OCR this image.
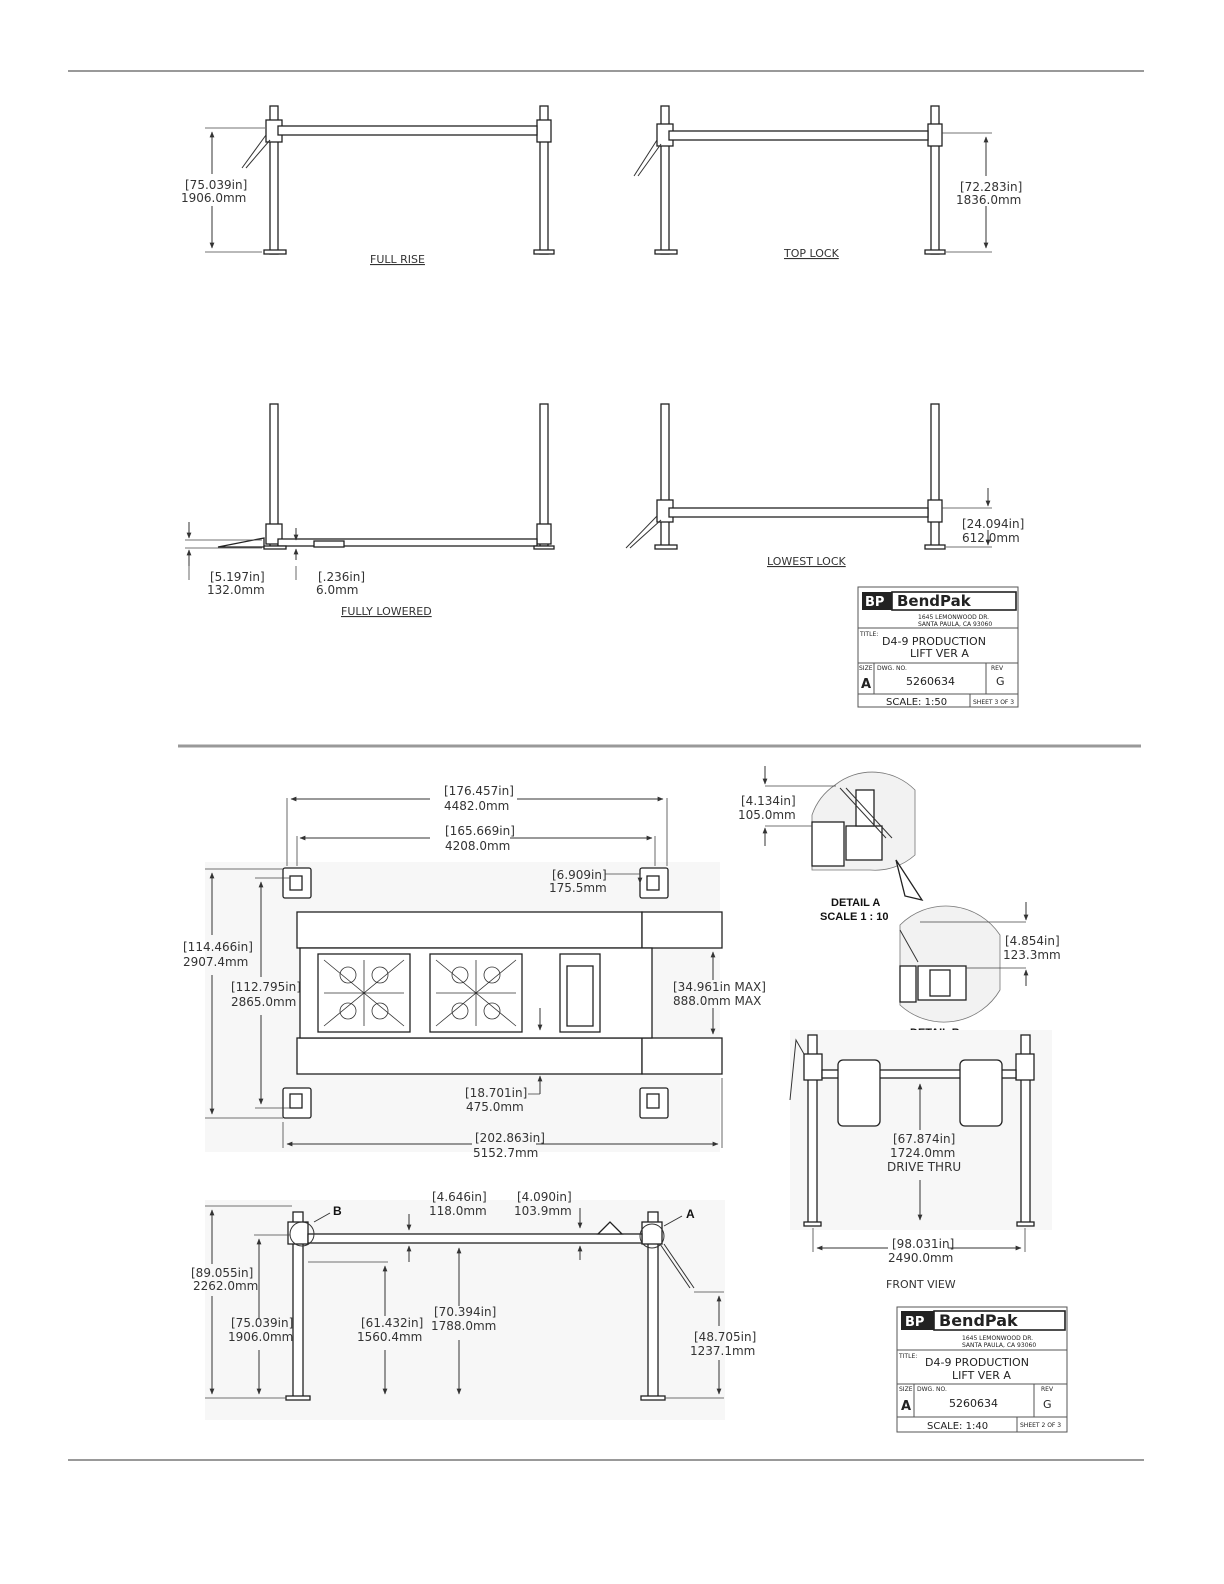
[75.039in]
1906.0mm
FULL RISE
[72.283in]
1836.0mm
TOP LOCK
[5.197in]
132.0mm
[.236in]
6.0mm
FULLY LOWERED
[24.094in]
612.0mm
LOWEST LOCK
BP BendPak
1645 LEMONWOOD DR.
SANTA PAULA, CA 93060
TITLE:
D4-9 PRODUCTION
LIFT VER A
SIZE
A
DWG. NO.
5260634
REV
G
SCALE: 1:50	SHEET 3 OF 3
[176.457in]
4482.0mm
[165.669in]
4208.0mm
[6.909in]
175.5mm
[114.466in]
2907.4mm
[112.795in]
2865.0mm
[34.961in MAX]
888.0mm MAX
[18.701in]
475.0mm
[202.863in]
5152.7mm
[4.134in]
105.0mm
DETAIL A
SCALE 1 : 10
[4.854in]
123.3mm
[67.874in]
1724.0mm
DRIVE THRU
[98.031in]
2490.0mm
FRONT VIEW
B	A
[4.646in]
118.0mm
[4.090in]
103.9mm
[89.055in]
2262.0mm
[75.039in]
1906.0mm
[61.432in]
1560.4mm
[70.394in]
1788.0mm
[48.705in]
1237.1mm
BP BendPak
1645 LEMONWOOD DR.
SANTA PAULA, CA 93060
TITLE: D4-9 PRODUCTION
LIFT VER A
SIZE
A
DWG. NO.
5260634
REV
G
SCALE: 1:40	SHEET 2 OF 3
